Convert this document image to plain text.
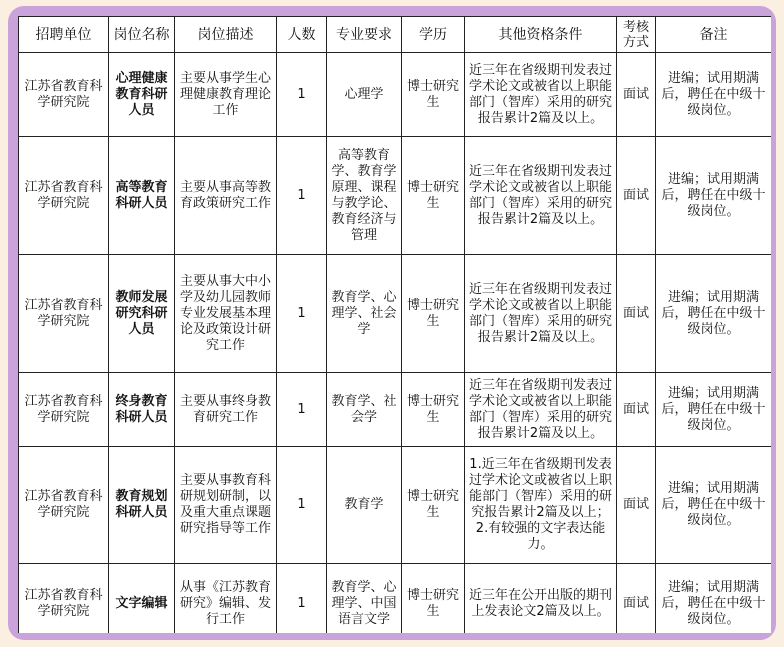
招聘单位	岗位名称	岗位描述	人数	专业要求	学历	其他资格条件	考核方式	备注

江苏省教育科学研究院	心理健康教育科研人员	主要从事学生心理健康教育理论工作	1	心理学	博士研究生	近三年在省级期刊发表过学术论文或被省以上职能部门（智库）采用的研究报告累计2篇及以上。	面试	进编；试用期满后，聘任在中级十级岗位。

江苏省教育科学研究院	高等教育科研人员	主要从事高等教育政策研究工作	1	高等教育学、教育学原理、课程与教学论、教育经济与管理	博士研究生	近三年在省级期刊发表过学术论文或被省以上职能部门（智库）采用的研究报告累计2篇及以上。	面试	进编；试用期满后，聘任在中级十级岗位。

江苏省教育科学研究院	教师发展研究科研人员	主要从事大中小学及幼儿园教师专业发展基本理论及政策设计研究工作	1	教育学、心理学、社会学	博士研究生	近三年在省级期刊发表过学术论文或被省以上职能部门（智库）采用的研究报告累计2篇及以上。	面试	进编；试用期满后，聘任在中级十级岗位。

江苏省教育科学研究院	终身教育科研人员	主要从事终身教育研究工作	1	教育学、社会学	博士研究生	近三年在省级期刊发表过学术论文或被省以上职能部门（智库）采用的研究报告累计2篇及以上。	面试	进编；试用期满后，聘任在中级十级岗位。

江苏省教育科学研究院	教育规划科研人员	主要从事教育科研规划研制，以及重大重点课题研究指导等工作	1	教育学	博士研究生	1.近三年在省级期刊发表过学术论文或被省以上职能部门（智库）采用的研究报告累计2篇及以上；2.有较强的文字表达能力。	面试	进编；试用期满后，聘任在中级十级岗位。

江苏省教育科学研究院	文字编辑	从事《江苏教育研究》编辑、发行工作	1	教育学、心理学、中国语言文学	博士研究生	近三年在公开出版的期刊上发表论文2篇及以上。	面试	进编；试用期满后，聘任在中级十级岗位。
